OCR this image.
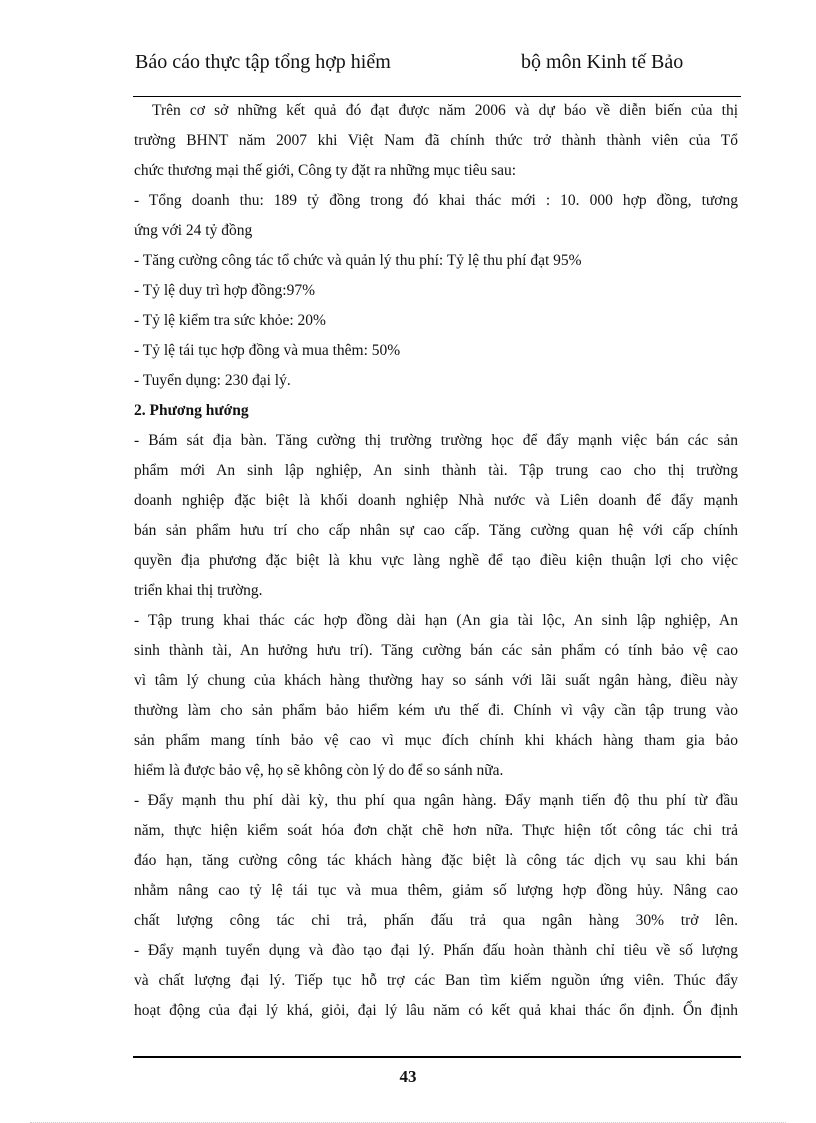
Báo cáo thực tập tổng hợp hiểm	bộ môn Kinh tế Bảo
Trên cơ sở những kết quả đó đạt được năm 2006 và dự báo về diễn biến của thị
trường BHNT năm 2007 khi Việt Nam đã chính thức trở thành thành viên của Tổ
chức thương mại thế giới, Công ty đặt ra những mục tiêu sau:
- Tổng doanh thu: 189 tỷ đồng trong đó khai thác mới : 10. 000 hợp đồng, tương
ứng với 24 tỷ đồng
- Tăng cường công tác tổ chức và quản lý thu phí: Tỷ lệ thu phí đạt 95%
- Tỷ lệ duy trì hợp đồng:97%
- Tỷ lệ kiểm tra sức khỏe: 20%
- Tỷ lệ tái tục hợp đồng và mua thêm: 50%
- Tuyển dụng: 230 đại lý.
2. Phương hướng
- Bám sát địa bàn. Tăng cường thị trường trường học để đẩy mạnh việc bán các sản
phẩm mới An sinh lập nghiệp, An sinh thành tài. Tập trung cao cho thị trường
doanh nghiệp đặc biệt là khối doanh nghiệp Nhà nước và Liên doanh để đẩy mạnh
bán sản phẩm hưu trí cho cấp nhân sự cao cấp. Tăng cường quan hệ với cấp chính
quyền địa phương đặc biệt là khu vực làng nghề để tạo điều kiện thuận lợi cho việc
triển khai thị trường.
- Tập trung khai thác các hợp đồng dài hạn (An gia tài lộc, An sinh lập nghiệp, An
sinh thành tài, An hưởng hưu trí). Tăng cường bán các sản phẩm có tính bảo vệ cao
vì tâm lý chung của khách hàng thường hay so sánh với lãi suất ngân hàng, điều này
thường làm cho sản phẩm bảo hiểm kém ưu thế đi. Chính vì vậy cần tập trung vào
sản phẩm mang tính bảo vệ cao vì mục đích chính khi khách hàng tham gia bảo
hiểm là được bảo vệ, họ sẽ không còn lý do để so sánh nữa.
- Đẩy mạnh thu phí dài kỳ, thu phí qua ngân hàng. Đẩy mạnh tiến độ thu phí từ đầu
năm, thực hiện kiểm soát hóa đơn chặt chẽ hơn nữa. Thực hiện tốt công tác chi trả
đáo hạn, tăng cường công tác khách hàng đặc biệt là công tác dịch vụ sau khi bán
nhằm nâng cao tỷ lệ tái tục và mua thêm, giảm số lượng hợp đồng hủy. Nâng cao
chất lượng công tác chi trả, phấn đấu trả qua ngân hàng 30% trở lên.
- Đẩy mạnh tuyển dụng và đào tạo đại lý. Phấn đấu hoàn thành chỉ tiêu về số lượng
và chất lượng đại lý. Tiếp tục hỗ trợ các Ban tìm kiếm nguồn ứng viên. Thúc đẩy
hoạt động của đại lý khá, giỏi, đại lý lâu năm có kết quả khai thác ổn định. Ổn định
43
